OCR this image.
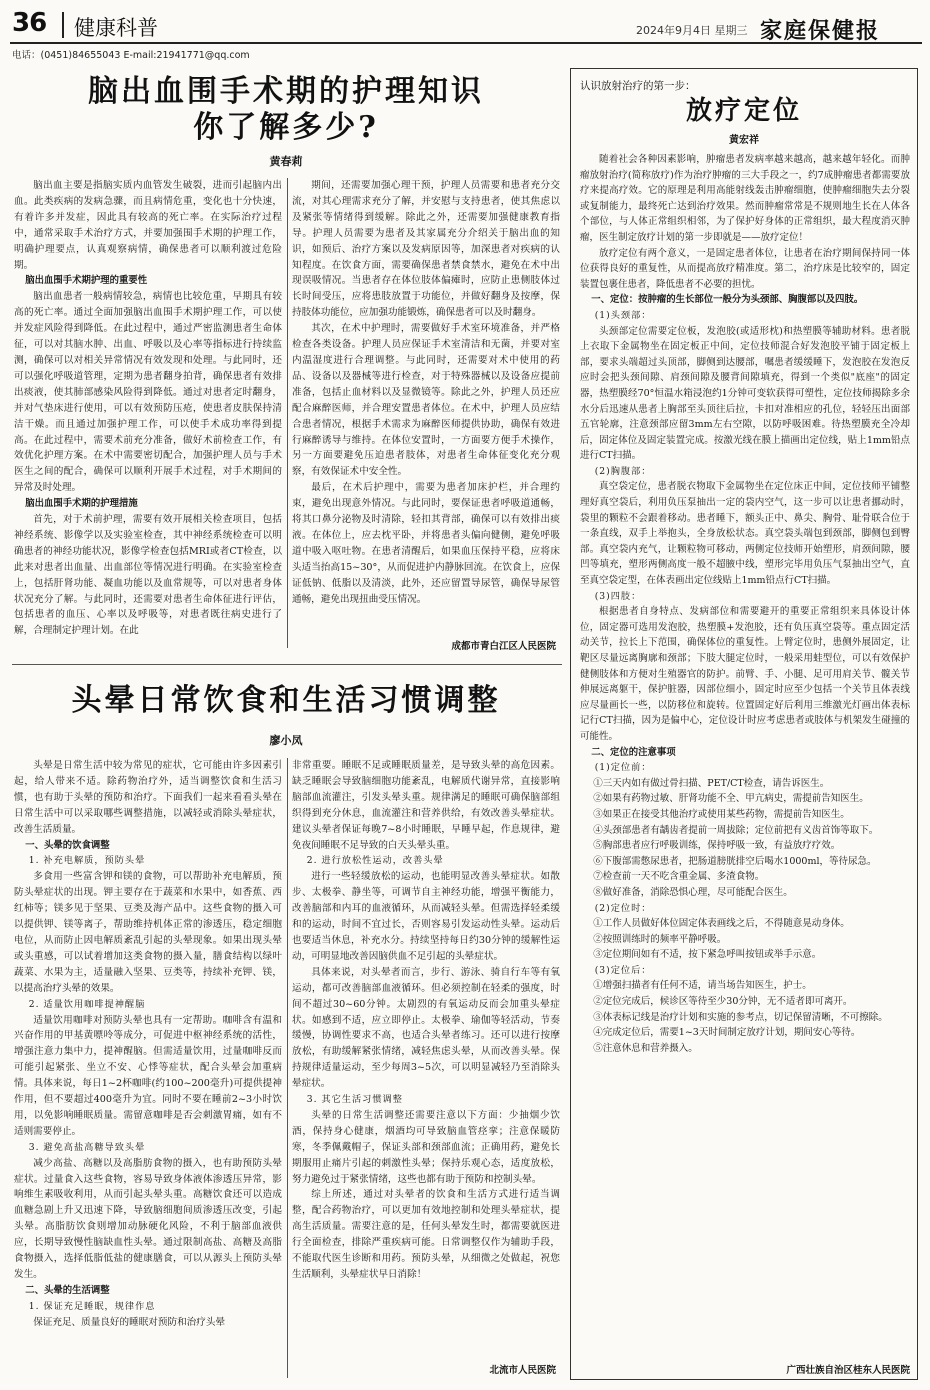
36 健康科普	2024年9月4日 星期三 家庭保健报
电话：(0451)84655043 E-mail:21941771@qq.com
脑出血围手术期的护理知识
你了解多少?
黄春莉

脑出血主要是指脑实质内血管发生破裂，进而引起脑内出血。此类疾病的发病急骤，而且病情危重，变化也十分快速，有着许多并发症，因此具有较高的死亡率。在实际治疗过程中，通常采取手术治疗方式，并要加强围手术期的护理工作，明确护理要点，认真观察病情，确保患者可以顺利渡过危险期。

脑出血围手术期护理的重要性

脑出血患者一般病情较急，病情也比较危重，早期具有较高的死亡率。通过全面加强脑出血围手术期护理工作，可以使并发症风险得到降低。在此过程中，通过严密监测患者生命体征，可以对其脑水肿、出血、呼吸以及心率等指标进行持续监测，确保可以对相关异常情况有效发现和处理。与此同时，还可以强化呼吸道管理，定期为患者翻身拍背，确保患者有效排出痰液，使其肺部感染风险得到降低。通过对患者定时翻身，并对气垫床进行使用，可以有效预防压疮，使患者皮肤保持清洁干燥。而且通过加强护理工作，可以使手术成功率得到提高。在此过程中，需要术前充分准备，做好术前检查工作，有效优化护理方案。在术中需要密切配合，加强护理人员与手术医生之间的配合，确保可以顺利开展手术过程，对手术期间的异常及时处理。

脑出血围手术期的护理措施

首先，对于术前护理，需要有效开展相关检查项目，包括神经系统、影像学以及实验室检查，其中神经系统检查可以明确患者的神经功能状况，影像学检查包括MRI或者CT检查，以此来对患者出血量、出血部位等情况进行明确。在实验室检查上，包括肝肾功能、凝血功能以及血常规等，可以对患者身体状况充分了解。与此同时，还需要对患者生命体征进行评估，包括患者的血压、心率以及呼吸等，对患者既往病史进行了解，合理制定护理计划。在此

期间，还需要加强心理干预，护理人员需要和患者充分交流，对其心理需求充分了解，并安慰与支持患者，使其焦虑以及紧张等情绪得到缓解。除此之外，还需要加强健康教育指导。护理人员需要为患者及其家属充分介绍关于脑出血的知识，如预后、治疗方案以及发病原因等，加深患者对疾病的认知程度。在饮食方面，需要确保患者禁食禁水，避免在术中出现误吸情况。当患者存在体位肢体偏瘫时，应防止患侧肢体过长时间受压，应将患肢放置于功能位，并做好翻身及按摩，保持肢体功能位，应加强功能锻炼，确保患者可以及时翻身。

其次，在术中护理时，需要做好手术室环境准备，并严格检查各类设备。护理人员应保证手术室清洁和无菌，并要对室内温湿度进行合理调整。与此同时，还需要对术中使用的药品、设备以及器械等进行检查，对于特殊器械以及设备应提前准备，包括止血材料以及显微镜等。除此之外，护理人员还应配合麻醉医师，并合理安置患者体位。在术中，护理人员应结合患者情况，根据手术需求为麻醉医师提供协助，确保有效进行麻醉诱导与维持。在体位安置时，一方面要方便手术操作，另一方面要避免压迫患者肢体，对患者生命体征变化充分观察，有效保证术中安全性。

最后，在术后护理中，需要为患者加床护栏，并合理约束，避免出现意外情况。与此同时，要保证患者呼吸道通畅，将其口鼻分泌物及时清除，轻扣其背部，确保可以有效排出痰液。在体位上，应去枕平卧，并将患者头偏向健侧，避免呼吸道中吸入呕吐物。在患者清醒后，如果血压保持平稳，应将床头适当抬高15~30°，从而促进护内静脉回流。在饮食上，应保证低钠、低脂以及清淡，此外，还应留置导尿管，确保导尿管通畅，避免出现扭曲受压情况。

成都市青白江区人民医院
头晕日常饮食和生活习惯调整
廖小凤

头晕是日常生活中较为常见的症状，它可能由许多因素引起，给人带来不适。除药物治疗外，适当调整饮食和生活习惯，也有助于头晕的预防和治疗。下面我们一起来看看头晕在日常生活中可以采取哪些调整措施，以减轻或消除头晕症状，改善生活质量。

一、头晕的饮食调整
1. 补充电解质，预防头晕

多食用一些富含钾和镁的食物，可以帮助补充电解质，预防头晕症状的出现。钾主要存在于蔬菜和水果中，如香蕉、西红柿等；镁多见于坚果、豆类及海产品中。这些食物的摄入可以提供钾、镁等离子，帮助维持机体正常的渗透压，稳定细胞电位，从而防止因电解质紊乱引起的头晕现象。如果出现头晕或头重感，可以试着增加这类食物的摄入量，膳食结构以绿叶蔬菜、水果为主，适量融入坚果、豆类等，持续补充钾、镁，以提高治疗头晕的效果。

2. 适量饮用咖啡提神醒脑

适量饮用咖啡对预防头晕也具有一定帮助。咖啡含有温和兴奋作用的甲基黄嘌呤等成分，可促进中枢神经系统的活性，增强注意力集中力，提神醒脑。但需适量饮用，过量咖啡反而可能引起紧张、坐立不安、心悸等症状，配合头晕会加重病情。具体来说，每日1~2杯咖啡(约100~200毫升)可提供提神作用，但不要超过400毫升为宜。同时不要在睡前2~3小时饮用，以免影响睡眠质量。需留意咖啡是否会刺激胃痛，如有不适则需要停止。

3. 避免高盐高糖导致头晕

减少高盐、高糖以及高脂肪食物的摄入，也有助预防头晕症状。过量食入这些食物，容易导致身体液体渗透压异常，影响维生素吸收利用，从而引起头晕头重。高糖饮食还可以造成血糖急剧上升又迅速下降，导致脑细胞间质渗透压改变，引起头晕。高脂肪饮食则增加动脉硬化风险，不利于脑部血液供应，长期导致慢性脑缺血性头晕。通过限制高盐、高糖及高脂食物摄入，选择低脂低盐的健康膳食，可以从源头上预防头晕发生。

二、头晕的生活调整
1. 保证充足睡眠，规律作息

保证充足、质量良好的睡眠对预防和治疗头晕

非常重要。睡眠不足或睡眠质量差，是导致头晕的高危因素。缺乏睡眠会导致脑细胞功能紊乱，电解质代谢异常，直接影响脑部血流灌注，引发头晕头重。规律满足的睡眠可确保脑部组织得到充分休息，血流灌注和营养供给，有效改善头晕症状。建议头晕者保证每晚7~8小时睡眠，早睡早起，作息规律，避免夜间睡眠不足导致的白天头晕头重。

2. 进行放松性运动，改善头晕

进行一些轻缓放松的运动，也能明显改善头晕症状。如散步、太极拳、静坐等，可调节自主神经功能，增强平衡能力，改善脑部和内耳的血液循环，从而减轻头晕。但需选择轻柔缓和的运动，时间不宜过长，否则容易引发运动性头晕。运动后也要适当休息，补充水分。持续坚持每日约30分钟的缓解性运动，可明显地改善因脑供血不足引起的头晕症状。

具体来说，对头晕者而言，步行、游泳、骑自行车等有氧运动，都可改善脑部血液循环。但必须控制在轻柔的强度，时间不超过30~60分钟。太剧烈的有氧运动反而会加重头晕症状。如感到不适，应立即停止。太极拳、瑜伽等轻活动，节奏缓慢，协调性要求不高，也适合头晕者练习。还可以进行按摩放松，有助缓解紧张情绪，减轻焦虑头晕，从而改善头晕。保持规律适量运动，至少每周3~5次，可以明显减轻乃至消除头晕症状。

3. 其它生活习惯调整

头晕的日常生活调整还需要注意以下方面：少抽烟少饮酒，保持身心健康，烟酒均可导致脑血管痉挛；注意保暖防寒，冬季佩戴帽子，保证头部和颈部血流；正确用药，避免长期服用止痛片引起的刺激性头晕；保持乐观心态，适度放松，努力避免过于紧张情绪，这些也都有助于预防和控制头晕。

综上所述，通过对头晕者的饮食和生活方式进行适当调整，配合药物治疗，可以更加有效地控制和处理头晕症状，提高生活质量。需要注意的是，任何头晕发生时，都需要就医进行全面检查，排除严重疾病可能。日常调整仅作为辅助手段，不能取代医生诊断和用药。预防头晕，从细微之处做起，祝您生活顺利，头晕症状早日消除！

北流市人民医院
认识放射治疗的第一步：
放疗定位
黄宏祥

随着社会各种因素影响，肿瘤患者发病率越来越高，越来越年轻化。而肿瘤放射治疗(简称放疗)作为治疗肿瘤的三大手段之一，约7成肿瘤患者都需要放疗来提高疗效。它的原理是利用高能射线轰击肿瘤细胞，使肿瘤细胞失去分裂或复制能力，最终死亡达到治疗效果。然而肿瘤常常是不规则地生长在人体各个部位，与人体正常组织相邻，为了保护好身体的正常组织，最大程度消灭肿瘤，医生制定放疗计划的第一步即就是——放疗定位！

放疗定位有两个意义，一是固定患者体位，让患者在治疗期间保持同一体位获得良好的重复性，从而提高放疗精准度。第二，治疗床是比较窄的，固定装置包裹住患者，降低患者不必要的担忧。

一、定位：按肿瘤的生长部位一般分为头颈部、胸腹部以及四肢。
(1)头颈部：

头颈部定位需要定位板，发泡胶(或适形枕)和热塑膜等辅助材料。患者脱上衣取下金属物坐在固定板正中间，定位技师混合好发泡胶平铺于固定板上部，要求头端超过头顶部，脚侧到达腰部，嘱患者缓缓睡下，发泡胶在发泡反应时会把头颈间隙、肩颈间隙及腰背间隙填充，得到一个类似"底座"的固定器，热塑膜经70°恒温水箱浸泡约1分钟可变软获得可塑性，定位技师揭除多余水分后迅速从患者上胸部至头顶往后拉，卡扣对准相应的孔位，轻轻压出面部五官轮廓，注意颈部应留3mm左右空隙，以防呼吸困难。待热塑膜充全冷却后，固定体位及固定装置完成。按激光线在膜上描画出定位线，贴上1mm铅点进行CT扫描。

(2)胸腹部：

真空袋定位，患者脱衣物取下金属物坐在定位床正中间，定位技师平铺整理好真空袋后，利用负压泵抽出一定的袋内空气，这一步可以让患者挪动时，袋里的颗粒不会跟着移动。患者睡下，额头正中、鼻尖、胸骨、耻骨联合位于一条直线，双手上举抱头，全身放松状态。真空袋头端包到颈部，脚侧包到臀部。真空袋内充气，让颗粒物可移动，两侧定位技师开始塑形，肩颈间隙，腰凹等填充，塑形两侧高度一般不超腋中线，塑形完毕用负压气泵抽出空气，直至真空袋定型，在体表画出定位线贴上1mm铅点行CT扫描。

(3)四肢：

根据患者自身特点、发病部位和需要避开的重要正常组织来具体设计体位，固定器可选用发泡胶，热塑膜+发泡胶，还有负压真空袋等。重点固定活动关节，拉长上下范围，确保体位的重复性。上臂定位时，患侧外展固定，让靶区尽量远离胸廓和颈部；下肢大腿定位时，一般采用蛙型位，可以有效保护健侧肢体和方便对生殖器官的防护。前臂、手、小腿、足可用肩关节、髋关节伸展远离躯干，保护脏器，因部位细小，固定时应至少包括一个关节且体表线应尽量画长一些，以防移位和旋转。位置固定好后利用三维激光灯画出体表标记行CT扫描，因为是偏中心，定位设计时应考虑患者或肢体与机架发生碰撞的可能性。

二、定位的注意事项
(1)定位前：

①三天内如有做过骨扫描、PET/CT检查，请告诉医生。

②如果有药物过敏、肝肾功能不全、甲亢病史，需提前告知医生。

③如果正在接受其他治疗或使用某些药物，需提前告知医生。

④头颈部患者有龋齿者提前一周拔除；定位前把有义齿首饰等取下。

⑤胸部患者应行呼吸训练，保持呼吸一致，有益放疗疗效。

⑥下腹部需憋尿患者，把肠道膀胱排空后喝水1000ml，等待尿急。

⑦检查前一天不吃含重金属、多渣食物。

⑧做好准备，消除恐惧心理，尽可能配合医生。

(2)定位时：

①工作人员做好体位固定体表画线之后，不得随意晃动身体。

②按照训练时的频率平静呼吸。

③定位期间如有不适，按下紧急呼叫按钮或举手示意。

(3)定位后：

①增强扫描者有任何不适，请当场告知医生，护士。

②定位完成后，候诊区等待至少30分钟，无不适者即可离开。

③体表标记线是治疗计划和实施的参考点，切记保留清晰，不可擦除。

④完成定位后，需要1~3天时间制定放疗计划，期间安心等待。

⑤注意休息和营养摄入。

广西壮族自治区桂东人民医院
